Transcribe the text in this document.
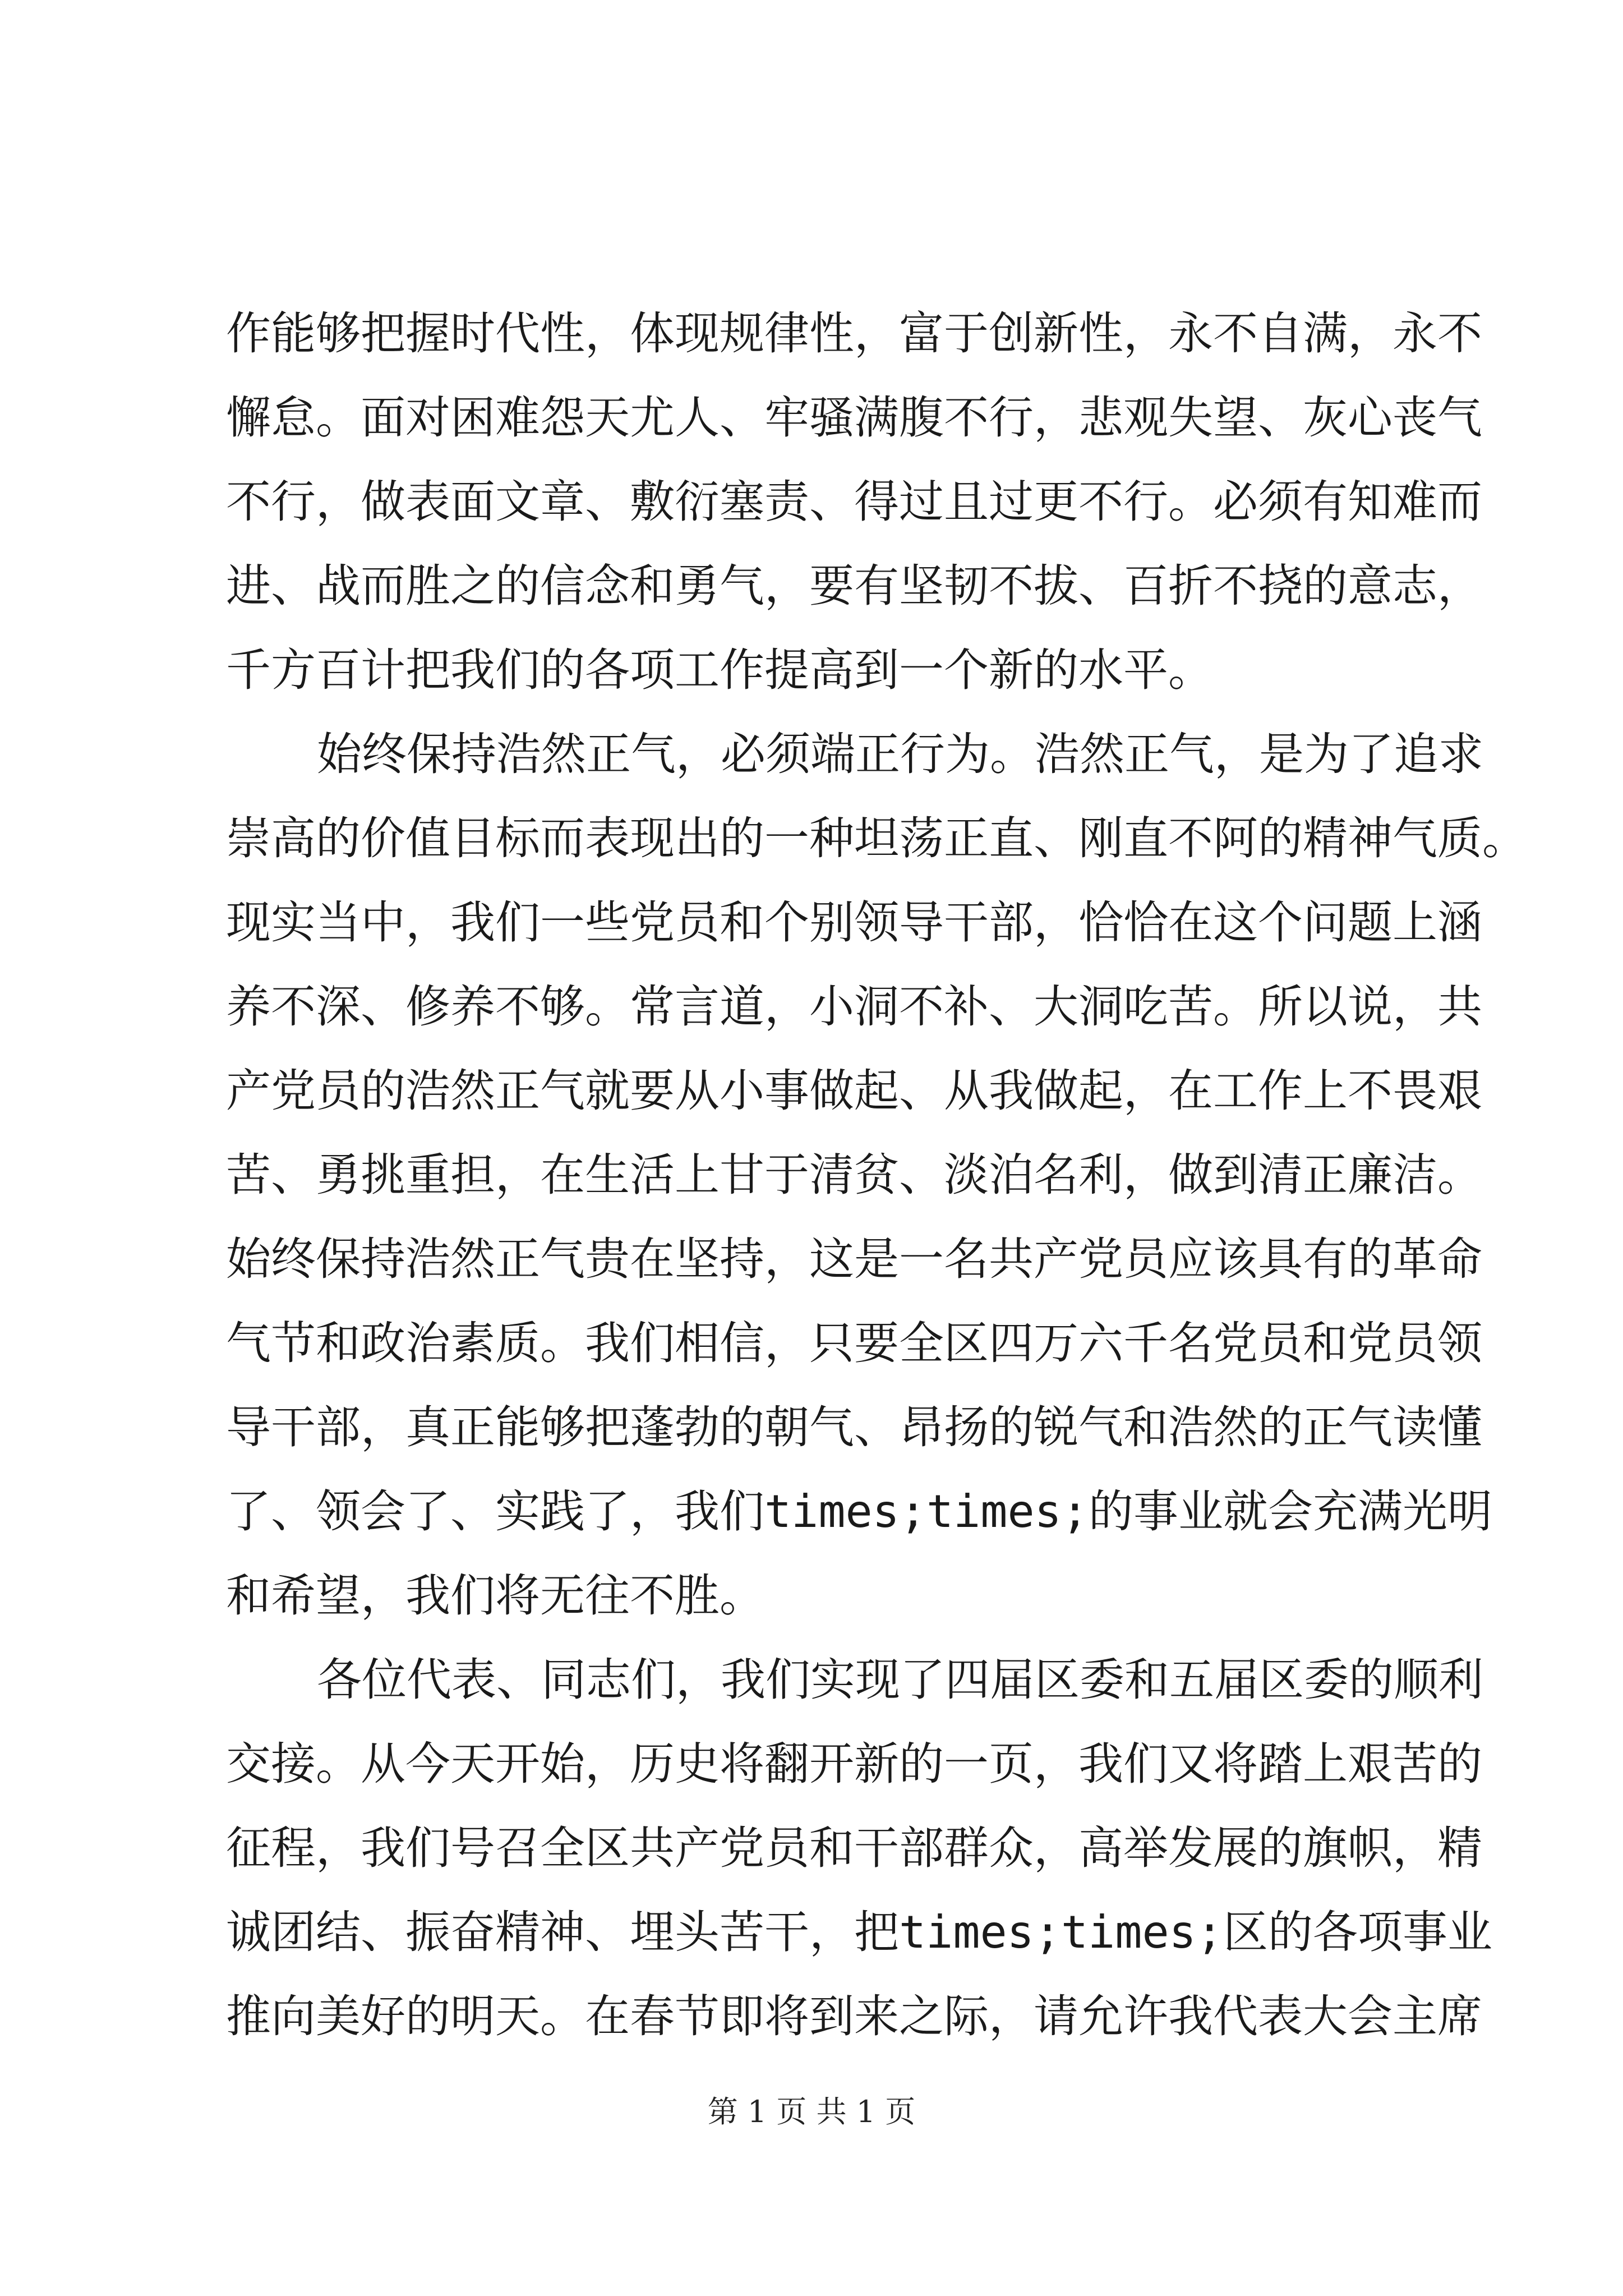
作能够把握时代性，体现规律性，富于创新性，永不自满，永不
懈怠。面对困难怨天尤人、牢骚满腹不行，悲观失望、灰心丧气
不行，做表面文章、敷衍塞责、得过且过更不行。必须有知难而
进、战而胜之的信念和勇气，要有坚韧不拔、百折不挠的意志，
千方百计把我们的各项工作提高到一个新的水平。
始终保持浩然正气，必须端正行为。浩然正气，是为了追求
崇高的价值目标而表现出的一种坦荡正直、刚直不阿的精神气质。
现实当中，我们一些党员和个别领导干部，恰恰在这个问题上涵
养不深、修养不够。常言道，小洞不补、大洞吃苦。所以说，共
产党员的浩然正气就要从小事做起、从我做起，在工作上不畏艰
苦、勇挑重担，在生活上甘于清贫、淡泊名利，做到清正廉洁。
始终保持浩然正气贵在坚持，这是一名共产党员应该具有的革命
气节和政治素质。我们相信，只要全区四万六千名党员和党员领
导干部，真正能够把蓬勃的朝气、昂扬的锐气和浩然的正气读懂
了、领会了、实践了，我们times;times;的事业就会充满光明
和希望，我们将无往不胜。
各位代表、同志们，我们实现了四届区委和五届区委的顺利
交接。从今天开始，历史将翻开新的一页，我们又将踏上艰苦的
征程，我们号召全区共产党员和干部群众，高举发展的旗帜，精
诚团结、振奋精神、埋头苦干，把times;times;区的各项事业
推向美好的明天。在春节即将到来之际，请允许我代表大会主席
第 1 页 共 1 页
